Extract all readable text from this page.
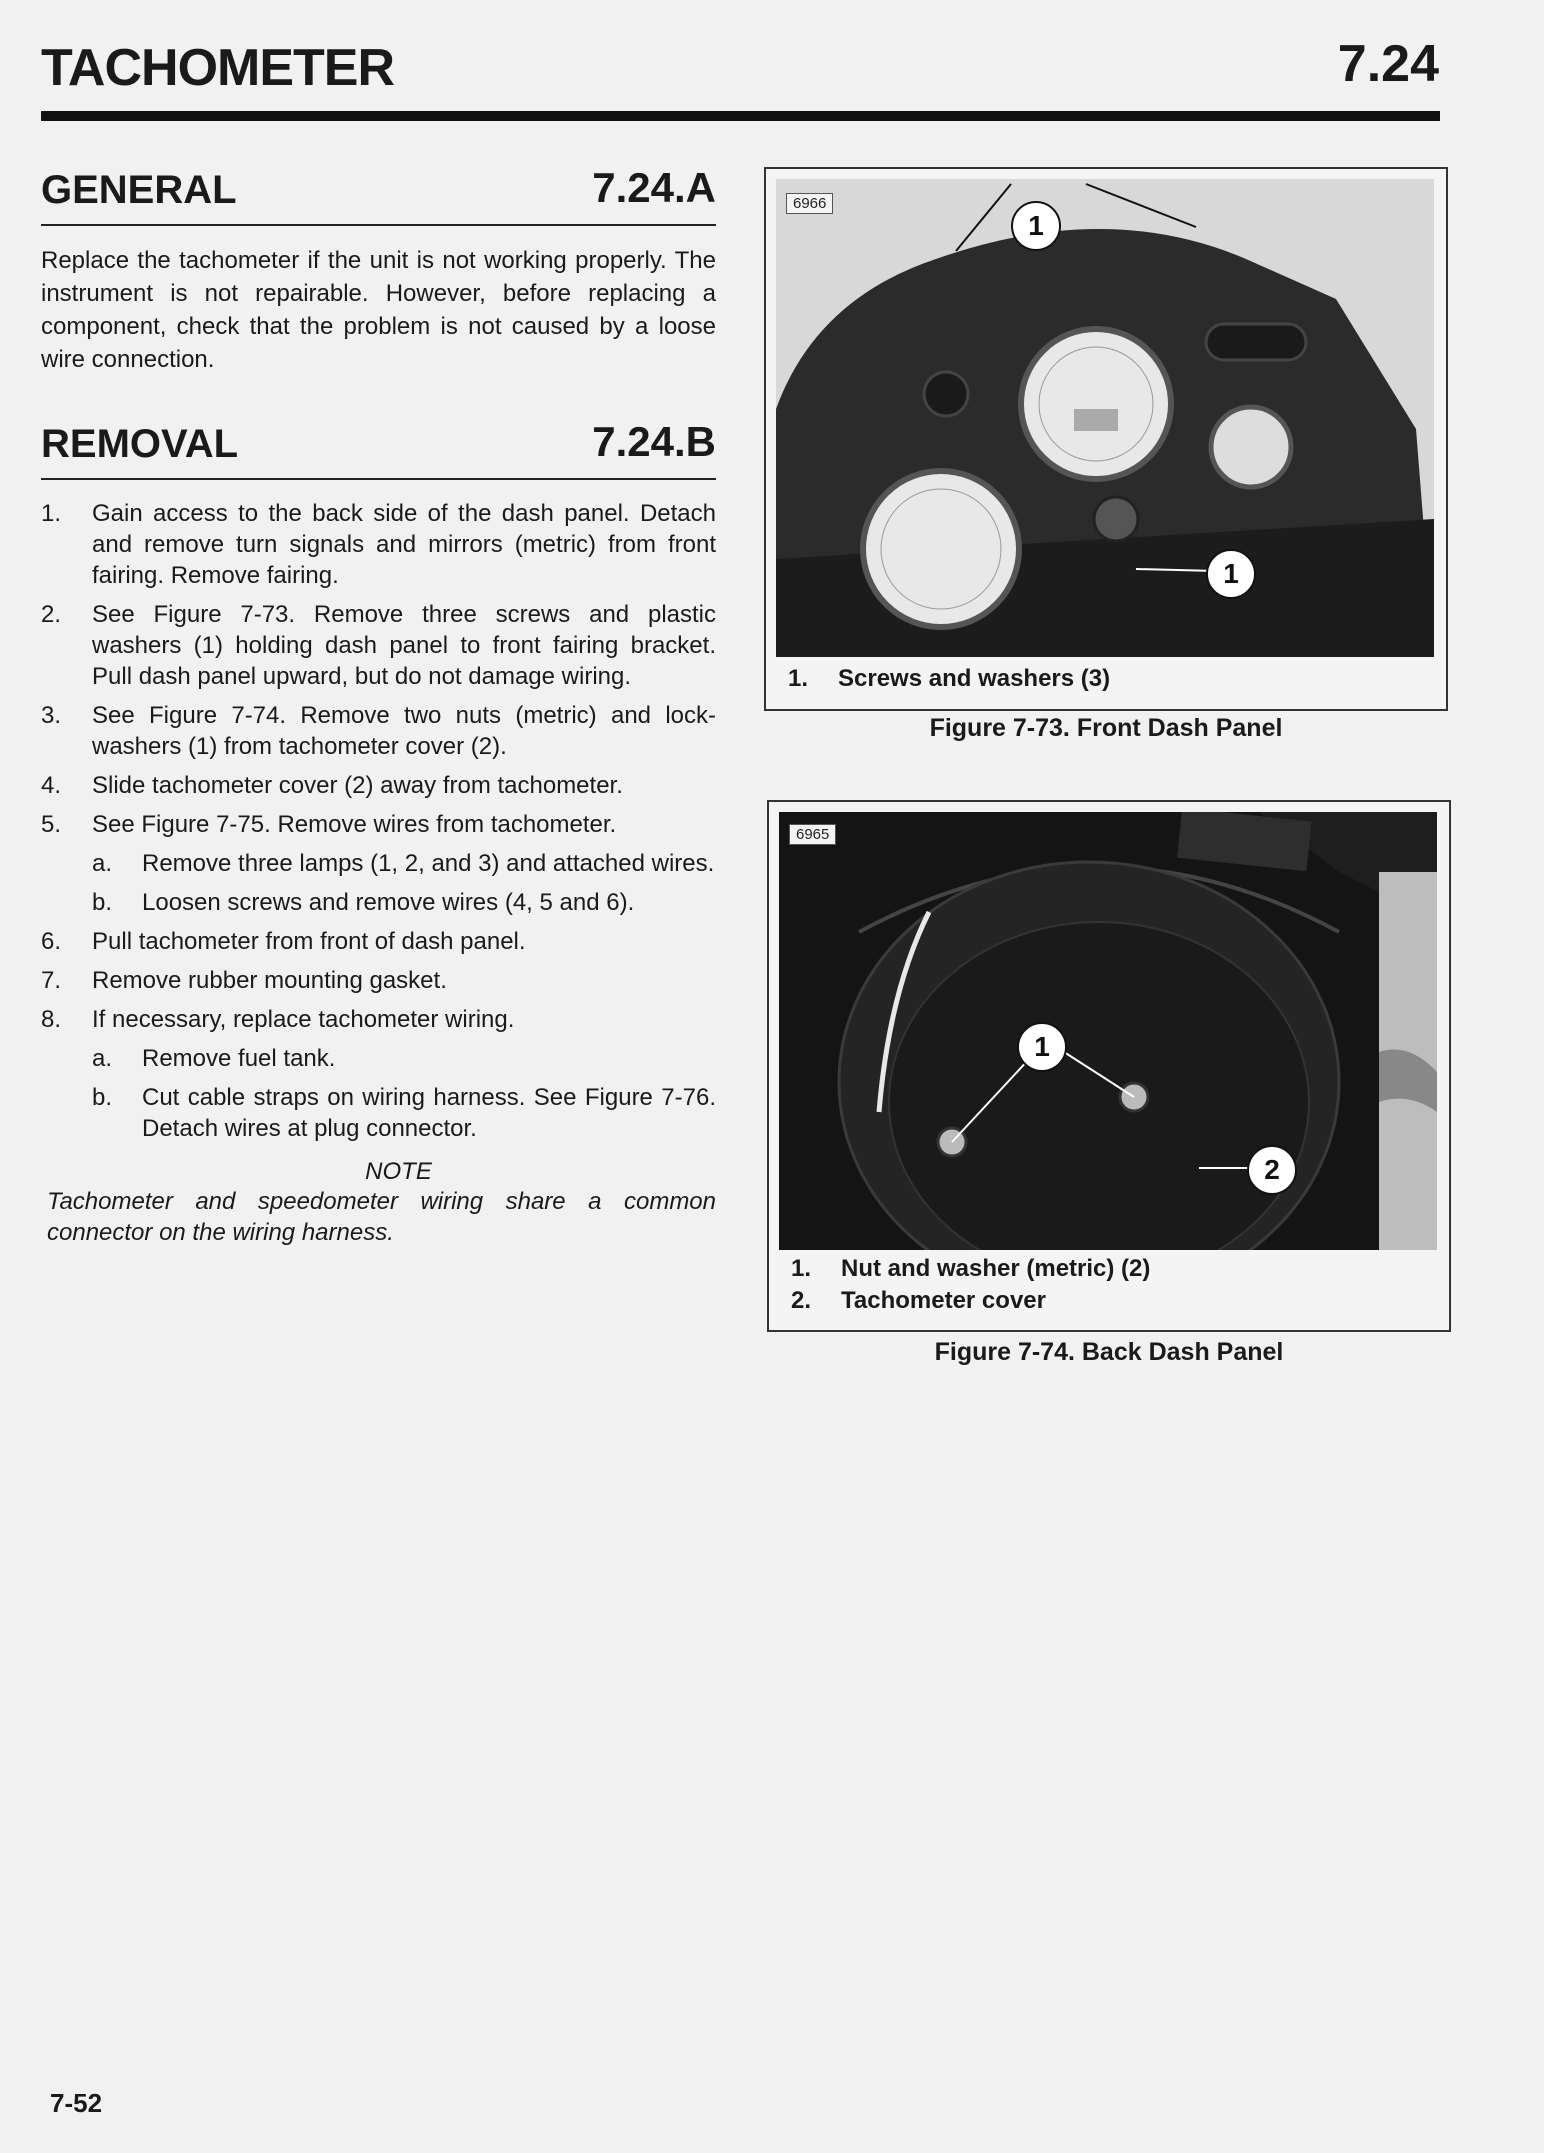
TACHOMETER	7.24
GENERAL	7.24.A
Replace the tachometer if the unit is not working properly. The instrument is not repairable. However, before replacing a component, check that the problem is not caused by a loose wire connection.
REMOVAL	7.24.B
1. Gain access to the back side of the dash panel. Detach and remove turn signals and mirrors (metric) from front fairing. Remove fairing.
2. See Figure 7-73. Remove three screws and plastic washers (1) holding dash panel to front fairing bracket. Pull dash panel upward, but do not damage wiring.
3. See Figure 7-74. Remove two nuts (metric) and lock-washers (1) from tachometer cover (2).
4. Slide tachometer cover (2) away from tachometer.
5. See Figure 7-75. Remove wires from tachometer.
a. Remove three lamps (1, 2, and 3) and attached wires.
b. Loosen screws and remove wires (4, 5 and 6).
6. Pull tachometer from front of dash panel.
7. Remove rubber mounting gasket.
8. If necessary, replace tachometer wiring.
a. Remove fuel tank.
b. Cut cable straps on wiring harness. See Figure 7-76. Detach wires at plug connector.
NOTE
Tachometer and speedometer wiring share a common connector on the wiring harness.
6966
1
1
1. Screws and washers (3)
Figure 7-73. Front Dash Panel
6965
1
2
1. Nut and washer (metric) (2)
2. Tachometer cover
Figure 7-74. Back Dash Panel
7-52
